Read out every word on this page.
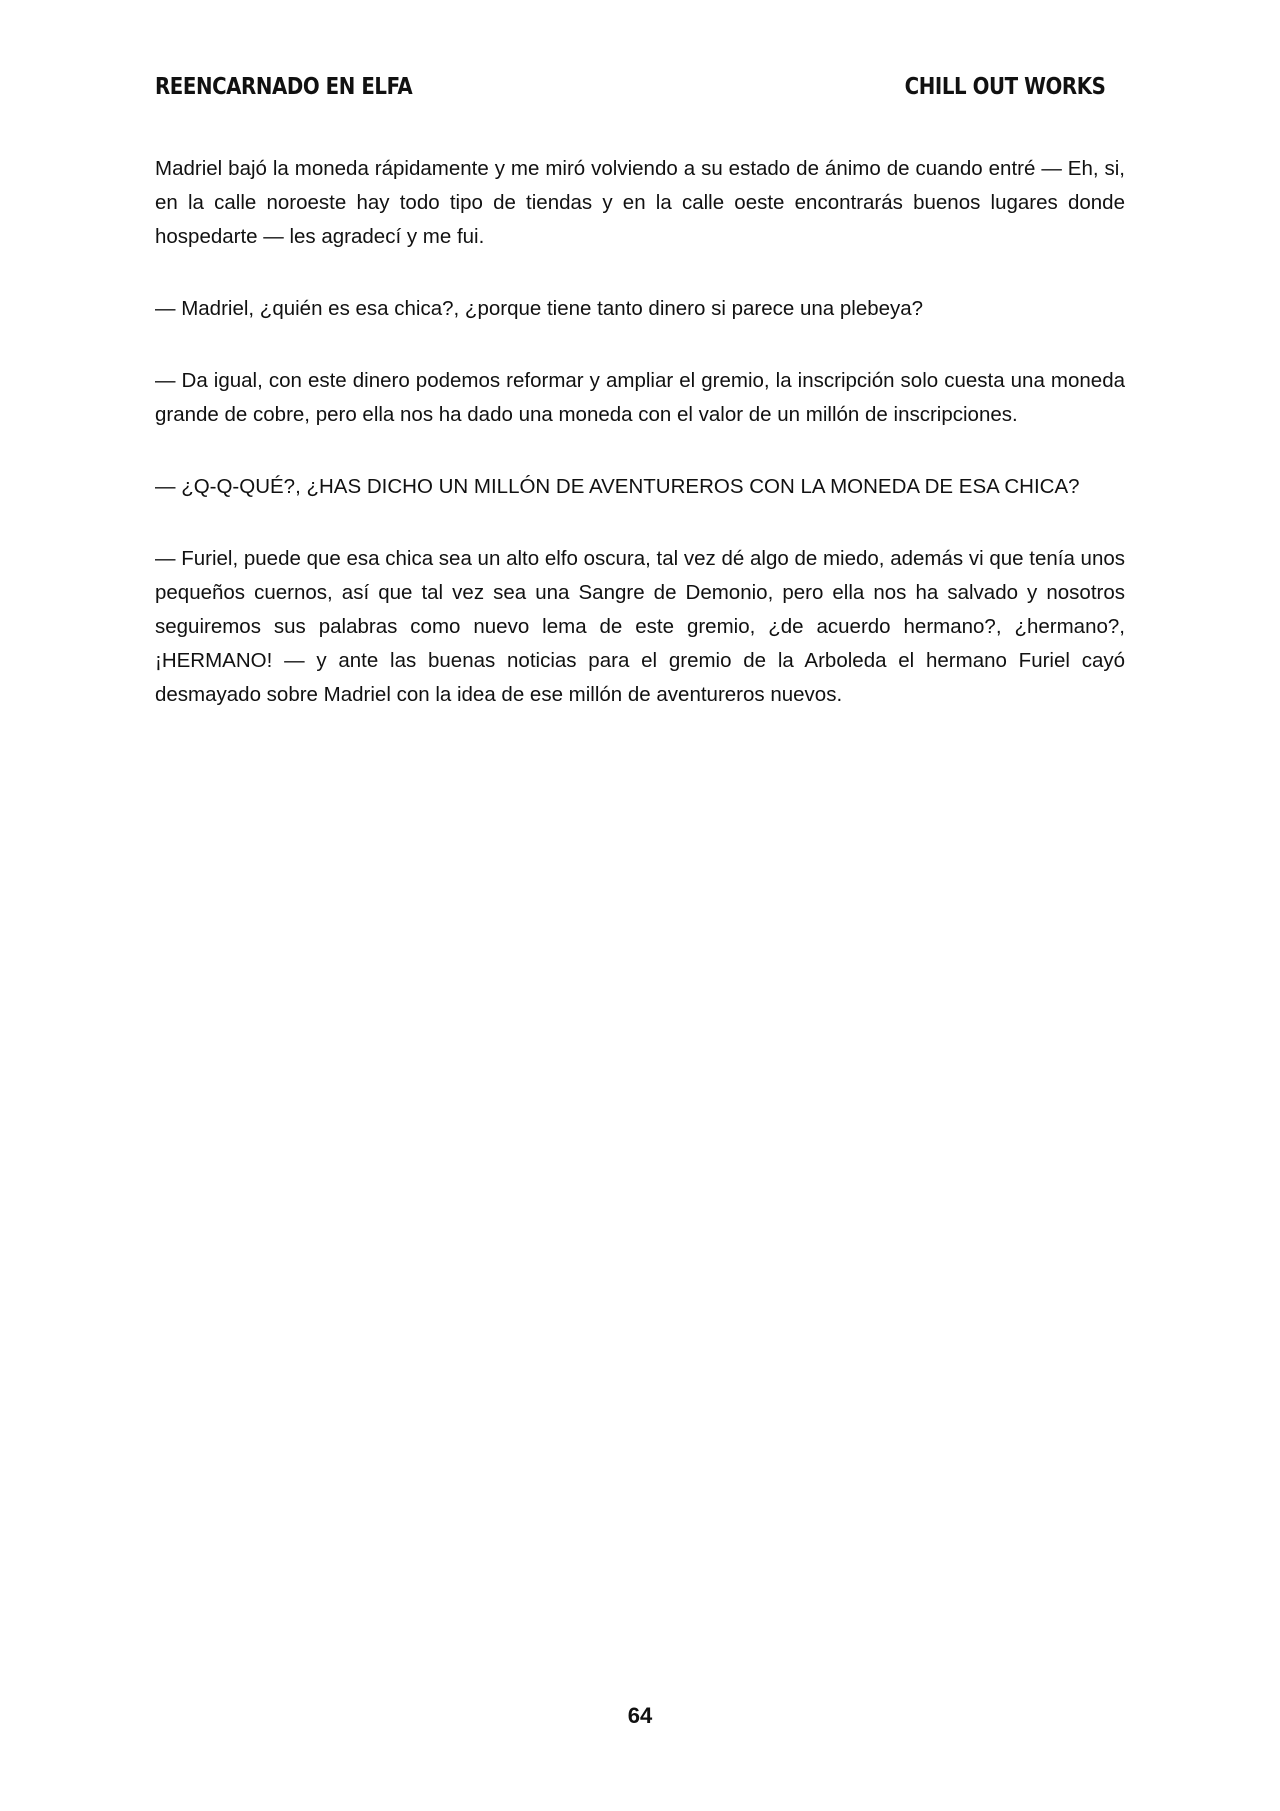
REENCARNADO EN ELFA	CHILL OUT WORKS

Madriel bajó la moneda rápidamente y me miró volviendo a su estado de ánimo de cuando entré — Eh, si, en la calle noroeste hay todo tipo de tiendas y en la calle oeste encontrarás buenos lugares donde hospedarte — les agradecí y me fui.

— Madriel, ¿quién es esa chica?, ¿porque tiene tanto dinero si parece una plebeya?

— Da igual, con este dinero podemos reformar y ampliar el gremio, la inscripción solo cuesta una moneda grande de cobre, pero ella nos ha dado una moneda con el valor de un millón de inscripciones.

— ¿Q-Q-QUÉ?, ¿HAS DICHO UN MILLÓN DE AVENTUREROS CON LA MONEDA DE ESA CHICA?

— Furiel, puede que esa chica sea un alto elfo oscura, tal vez dé algo de miedo, además vi que tenía unos pequeños cuernos, así que tal vez sea una Sangre de Demonio, pero ella nos ha salvado y nosotros seguiremos sus palabras como nuevo lema de este gremio, ¿de acuerdo hermano?, ¿hermano?, ¡HERMANO! — y ante las buenas noticias para el gremio de la Arboleda el hermano Furiel cayó desmayado sobre Madriel con la idea de ese millón de aventureros nuevos.

64
